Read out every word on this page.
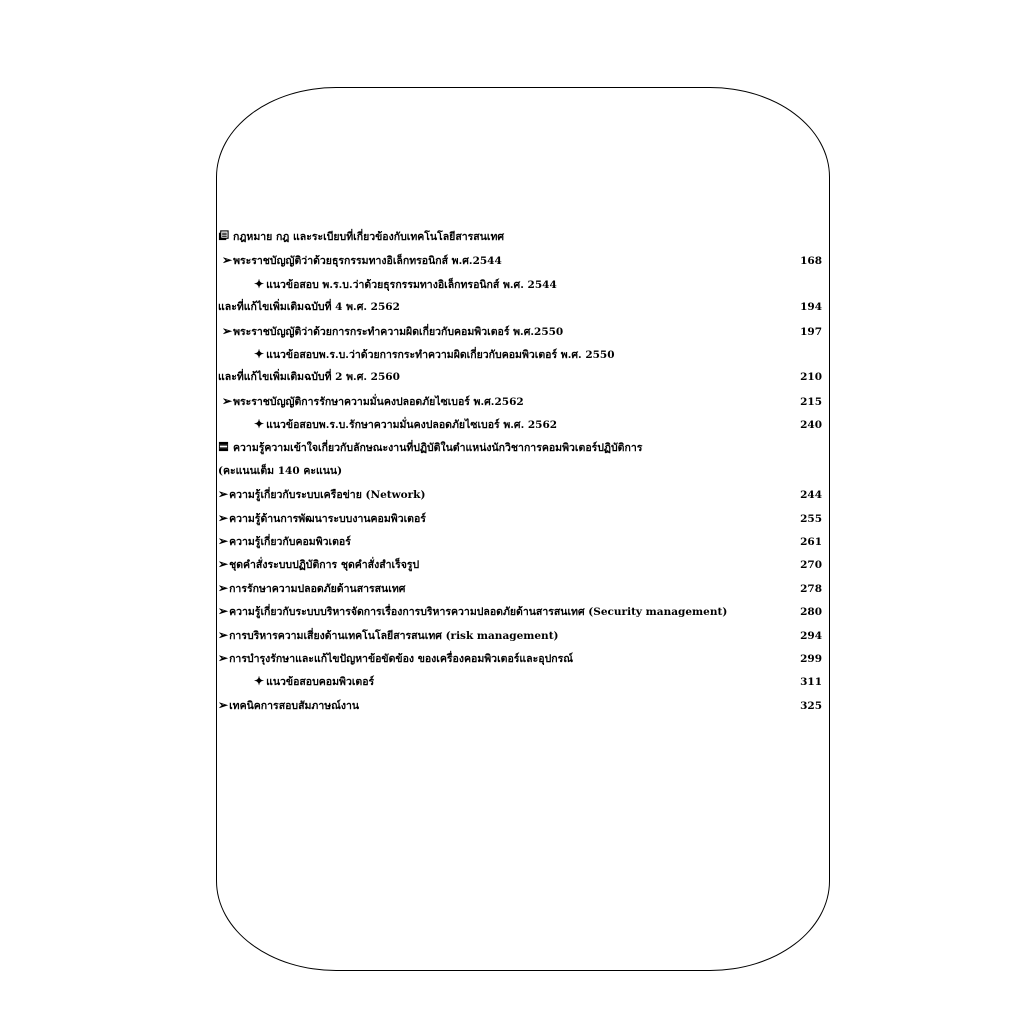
กฎหมาย กฎ และระเบียบที่เกี่ยวข้องกับเทคโนโลยีสารสนเทศ
➢พระราชบัญญัติว่าด้วยธุรกรรมทางอิเล็กทรอนิกส์ พ.ศ.2544	168
✦ แนวข้อสอบ พ.ร.บ.ว่าด้วยธุรกรรมทางอิเล็กทรอนิกส์ พ.ศ. 2544
และที่แก้ไขเพิ่มเติมฉบับที่ 4 พ.ศ. 2562	194
➢พระราชบัญญัติว่าด้วยการกระทำความผิดเกี่ยวกับคอมพิวเตอร์ พ.ศ.2550	197
✦ แนวข้อสอบพ.ร.บ.ว่าด้วยการกระทำความผิดเกี่ยวกับคอมพิวเตอร์ พ.ศ. 2550
และที่แก้ไขเพิ่มเติมฉบับที่ 2 พ.ศ. 2560	210
➢พระราชบัญญัติการรักษาความมั่นคงปลอดภัยไซเบอร์ พ.ศ.2562	215
✦ แนวข้อสอบพ.ร.บ.รักษาความมั่นคงปลอดภัยไซเบอร์ พ.ศ. 2562	240
ความรู้ความเข้าใจเกี่ยวกับลักษณะงานที่ปฏิบัติในตำแหน่งนักวิชาการคอมพิวเตอร์ปฏิบัติการ
(คะแนนเต็ม 140 คะแนน)
➢ความรู้เกี่ยวกับระบบเครือข่าย (Network)	244
➢ความรู้ด้านการพัฒนาระบบงานคอมพิวเตอร์	255
➢ความรู้เกี่ยวกับคอมพิวเตอร์	261
➢ชุดคำสั่งระบบปฏิบัติการ ชุดคำสั่งสำเร็จรูป	270
➢การรักษาความปลอดภัยด้านสารสนเทศ	278
➢ความรู้เกี่ยวกับระบบบริหารจัดการเรื่องการบริหารความปลอดภัยด้านสารสนเทศ (Security management)	280
➢การบริหารความเสี่ยงด้านเทคโนโลยีสารสนเทศ (risk management)	294
➢การบำรุงรักษาและแก้ไขปัญหาข้อขัดข้อง ของเครื่องคอมพิวเตอร์และอุปกรณ์	299
✦ แนวข้อสอบคอมพิวเตอร์	311
➢เทคนิคการสอบสัมภาษณ์งาน	325
